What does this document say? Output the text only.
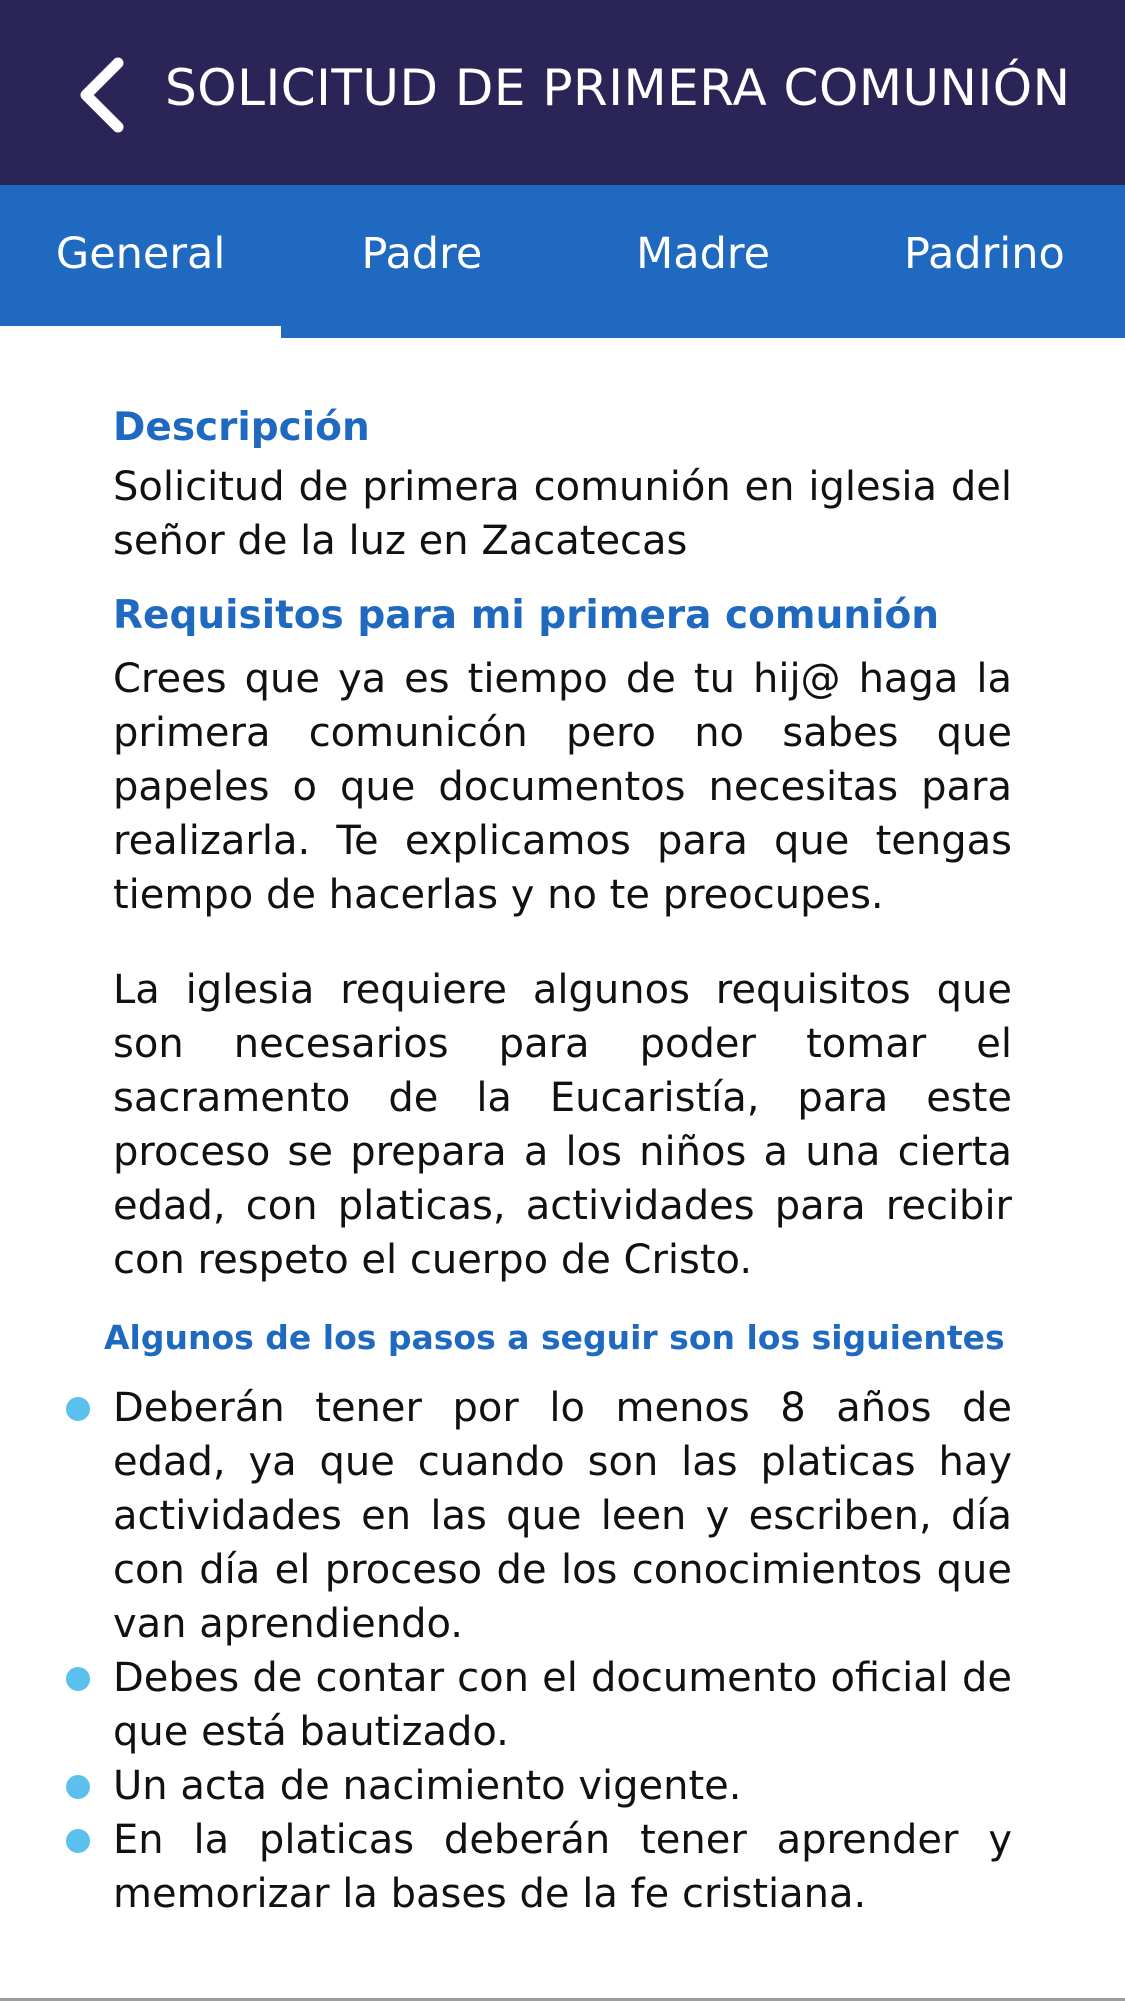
SOLICITUD DE PRIMERA COMUNIÓN
General	Padre	Madre	Padrino
Descripción

Solicitud de primera comunión en iglesia del señor de la luz en Zacatecas

Requisitos para mi primera comunión

Crees que ya es tiempo de tu hij@ haga la primera comunicón pero no sabes que papeles o que documentos necesitas para realizarla. Te explicamos para que tengas tiempo de hacerlas y no te preocupes.

La iglesia requiere algunos requisitos que son necesarios para poder tomar el sacramento de la Eucaristía, para este proceso se prepara a los niños a una cierta edad, con platicas, actividades para recibir con respeto el cuerpo de Cristo.

Algunos de los pasos a seguir son los siguientes
Deberán tener por lo menos 8 años de edad, ya que cuando son las platicas hay actividades en las que leen y escriben, día con día el proceso de los conocimientos que van aprendiendo.
Debes de contar con el documento oficial de que está bautizado.
Un acta de nacimiento vigente.
En la platicas deberán tener aprender y memorizar la bases de la fe cristiana.
